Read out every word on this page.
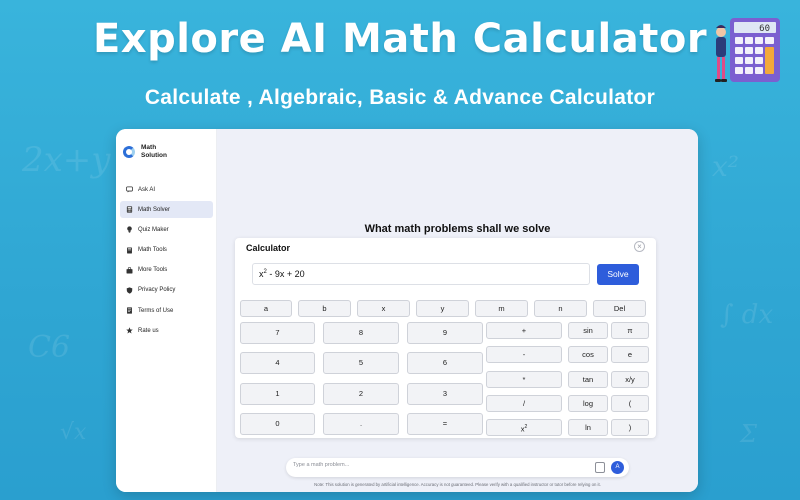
2x+y
C6
x²
∫ dx
√x	Σ
Explore AI Math Calculator
Calculate , Algebraic, Basic & Advance Calculator
60
Math Solution
Ask AI
Math Solver
Quiz Maker
Math Tools
More Tools
Privacy Policy
Terms of Use
Rate us
What math problems shall we solve
Calculator	×
$x^2 - 9x + 20$	Solve
a	b	x	y	m	n	Del
7	8	9
4	5	6
1	2	3
0	.	=
+
-
*
/
$x^2$
sin	π
cos	e
tan	x/y
log	(
ln	)
Type a math problem...	A
Note: This solution is generated by artificial intelligence. Accuracy is not guaranteed. Please verify with a qualified instructor or tutor before relying on it.
